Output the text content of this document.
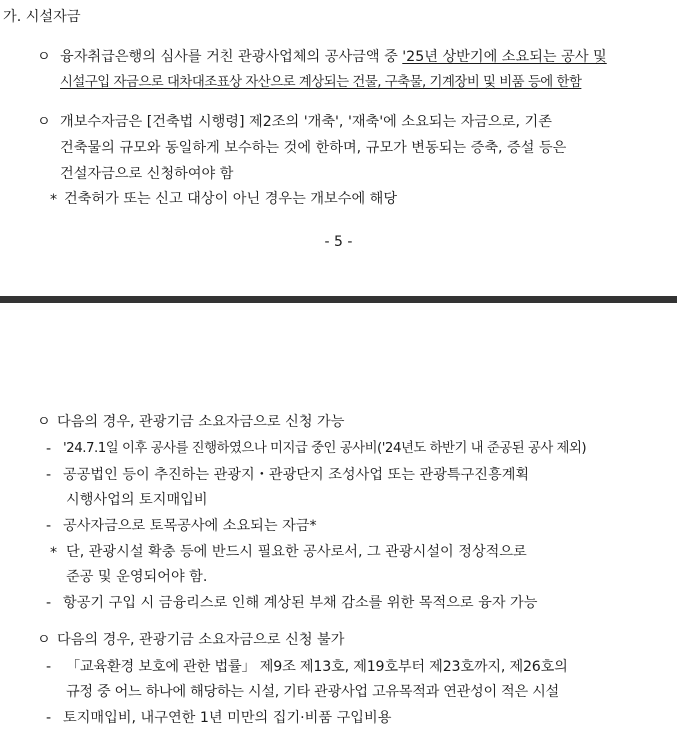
가. 시설자금
ㅇ 융자취급은행의 심사를 거친 관광사업체의 공사금액 중 '25년 상반기에 소요되는 공사 및
시설구입 자금으로 대차대조표상 자산으로 계상되는 건물, 구축물, 기계장비 및 비품 등에 한함
ㅇ 개보수자금은 [건축법 시행령] 제2조의 '개축', '재축'에 소요되는 자금으로, 기존
건축물의 규모와 동일하게 보수하는 것에 한하며, 규모가 변동되는 증축, 증설 등은
건설자금으로 신청하여야 함
* 건축허가 또는 신고 대상이 아닌 경우는 개보수에 해당
- 5 -
ㅇ 다음의 경우, 관광기금 소요자금으로 신청 가능
- '24.7.1일 이후 공사를 진행하였으나 미지급 중인 공사비('24년도 하반기 내 준공된 공사 제외)
- 공공법인 등이 추진하는 관광지・관광단지 조성사업 또는 관광특구진흥계획
시행사업의 토지매입비
- 공사자금으로 토목공사에 소요되는 자금*
* 단, 관광시설 확충 등에 반드시 필요한 공사로서, 그 관광시설이 정상적으로
준공 및 운영되어야 함.
- 항공기 구입 시 금융리스로 인해 계상된 부채 감소를 위한 목적으로 융자 가능
ㅇ 다음의 경우, 관광기금 소요자금으로 신청 불가
- 「교육환경 보호에 관한 법률」 제9조 제13호, 제19호부터 제23호까지, 제26호의
규정 중 어느 하나에 해당하는 시설, 기타 관광사업 고유목적과 연관성이 적은 시설
- 토지매입비, 내구연한 1년 미만의 집기·비품 구입비용
